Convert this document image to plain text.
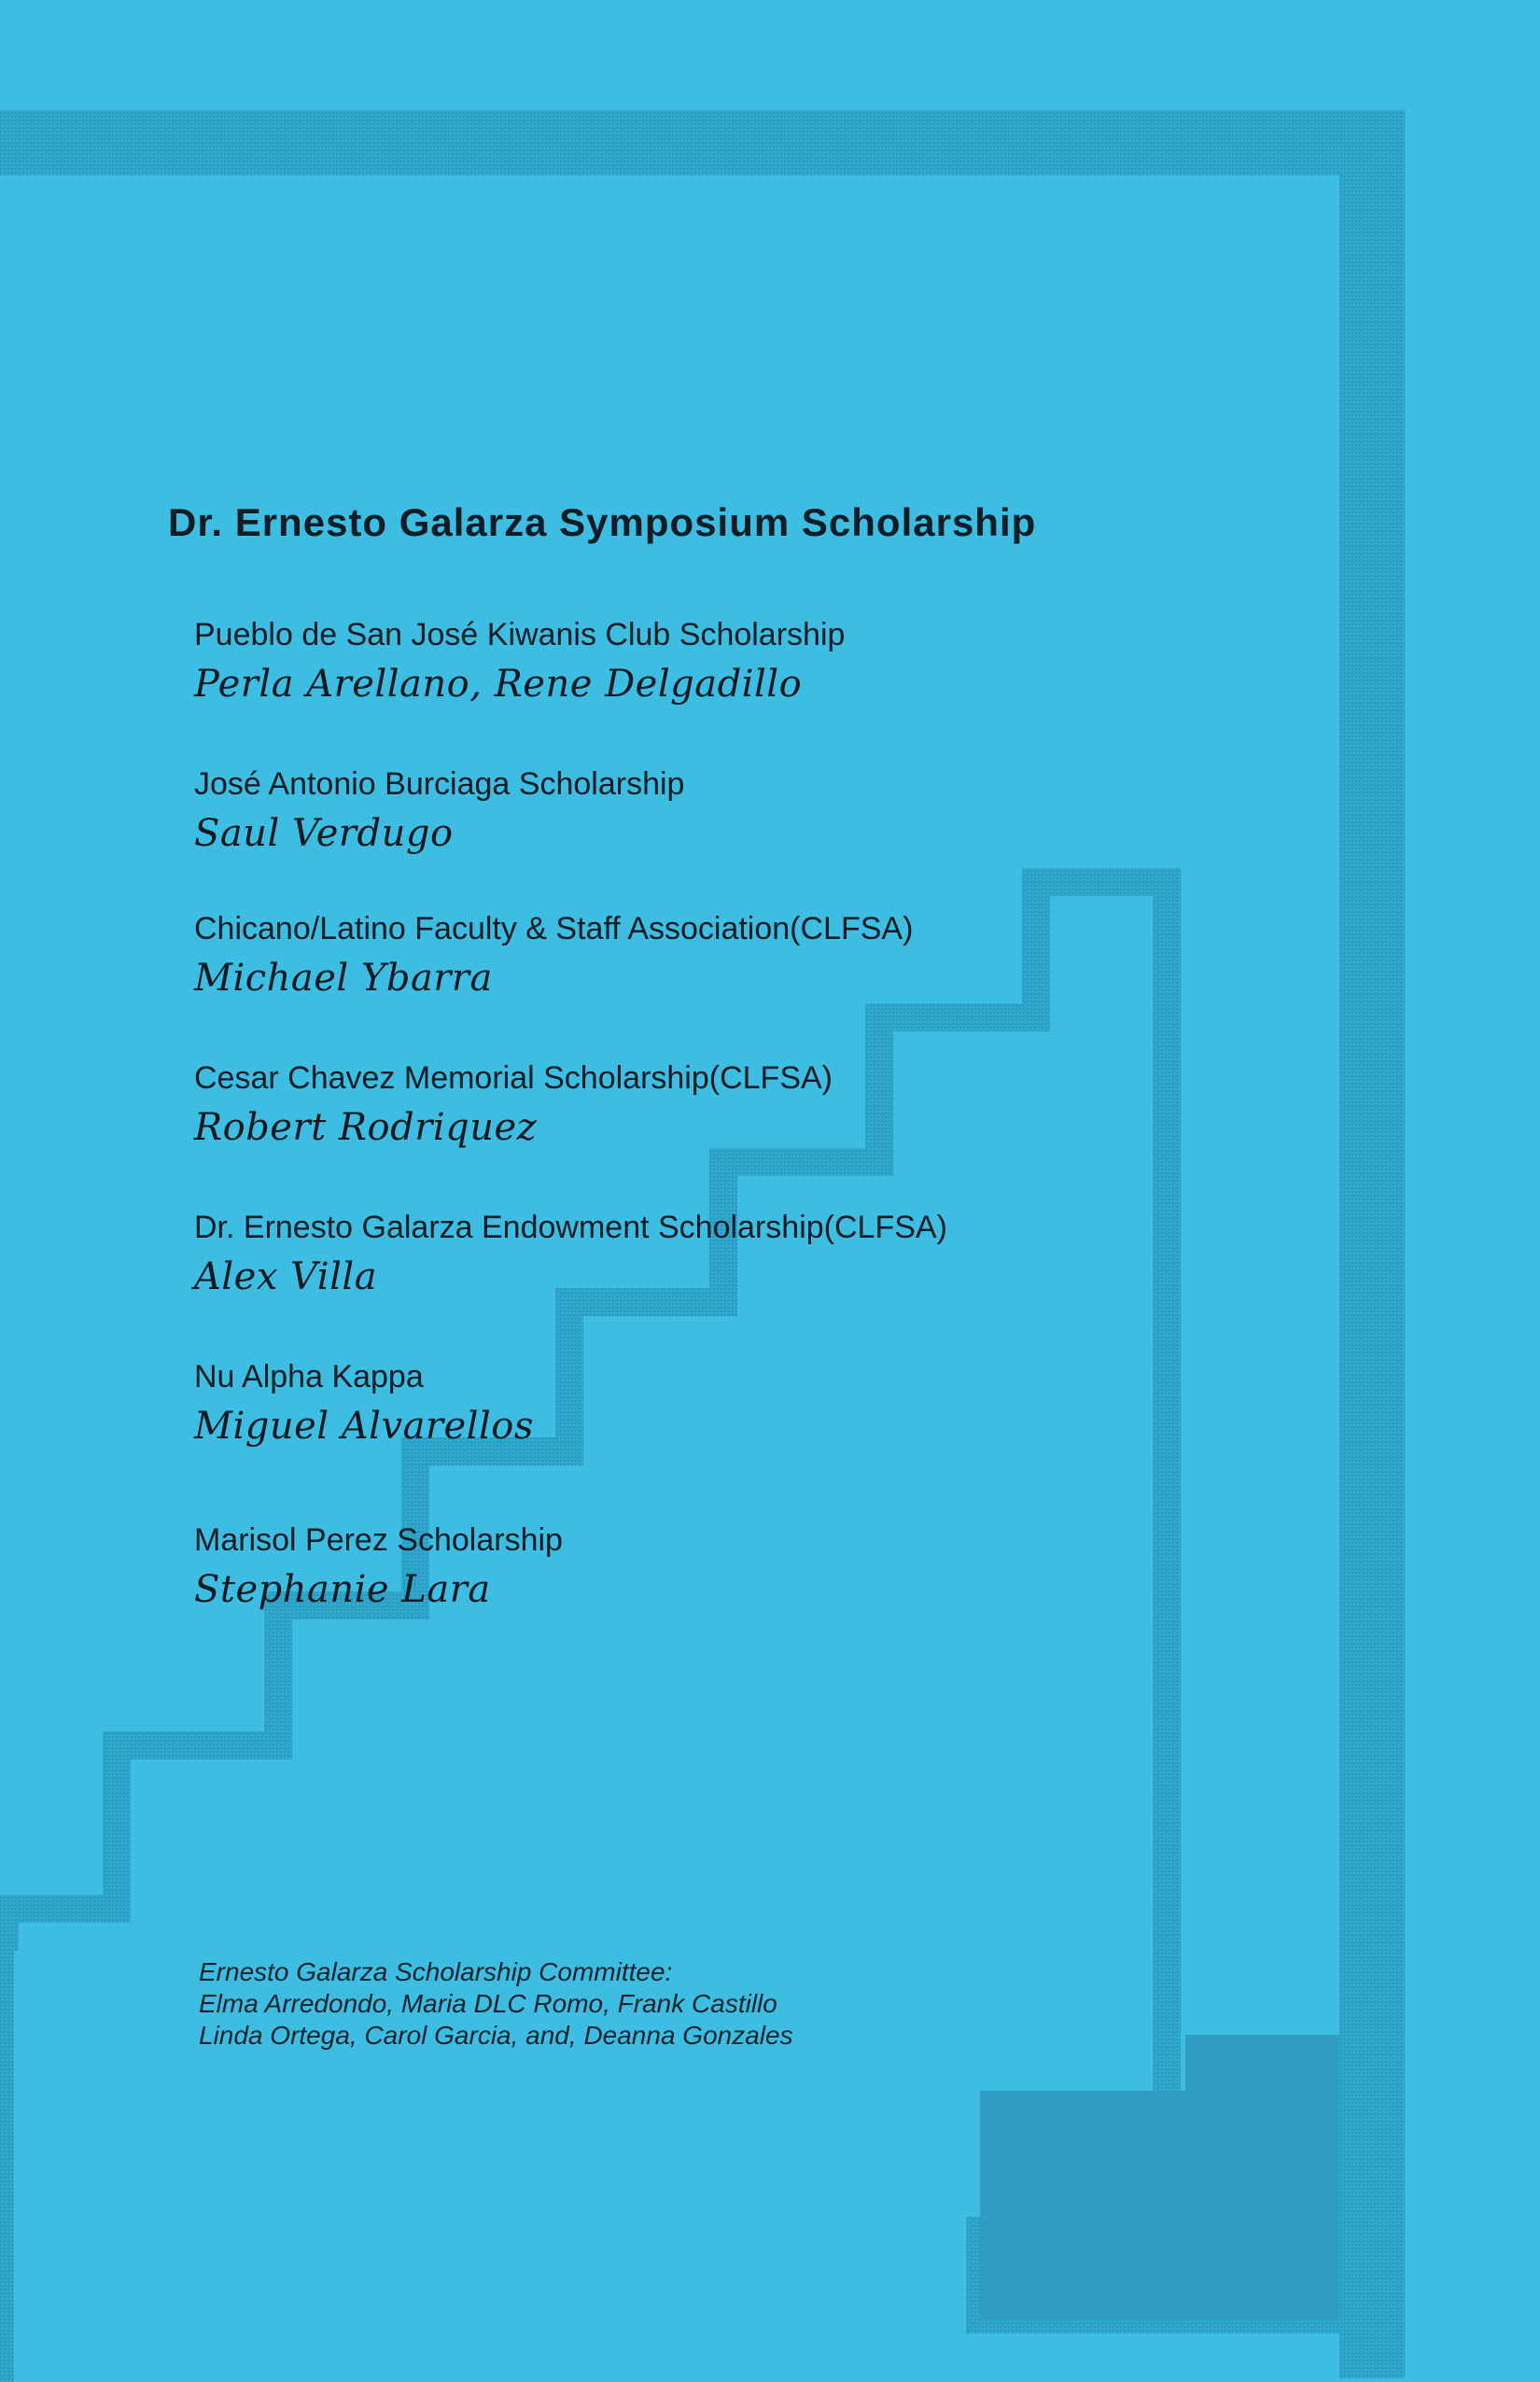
Dr. Ernesto Galarza Symposium Scholarship
Pueblo de San José Kiwanis Club Scholarship
Perla Arellano, Rene Delgadillo
José Antonio Burciaga Scholarship
Saul Verdugo
Chicano/Latino Faculty & Staff Association(CLFSA)
Michael Ybarra
Cesar Chavez Memorial Scholarship(CLFSA)
Robert Rodriquez
Dr. Ernesto Galarza Endowment Scholarship(CLFSA)
Alex Villa
Nu Alpha Kappa
Miguel Alvarellos
Marisol Perez Scholarship
Stephanie Lara
Ernesto Galarza Scholarship Committee:
Elma Arredondo, Maria DLC Romo, Frank Castillo
Linda Ortega, Carol Garcia, and, Deanna Gonzales
